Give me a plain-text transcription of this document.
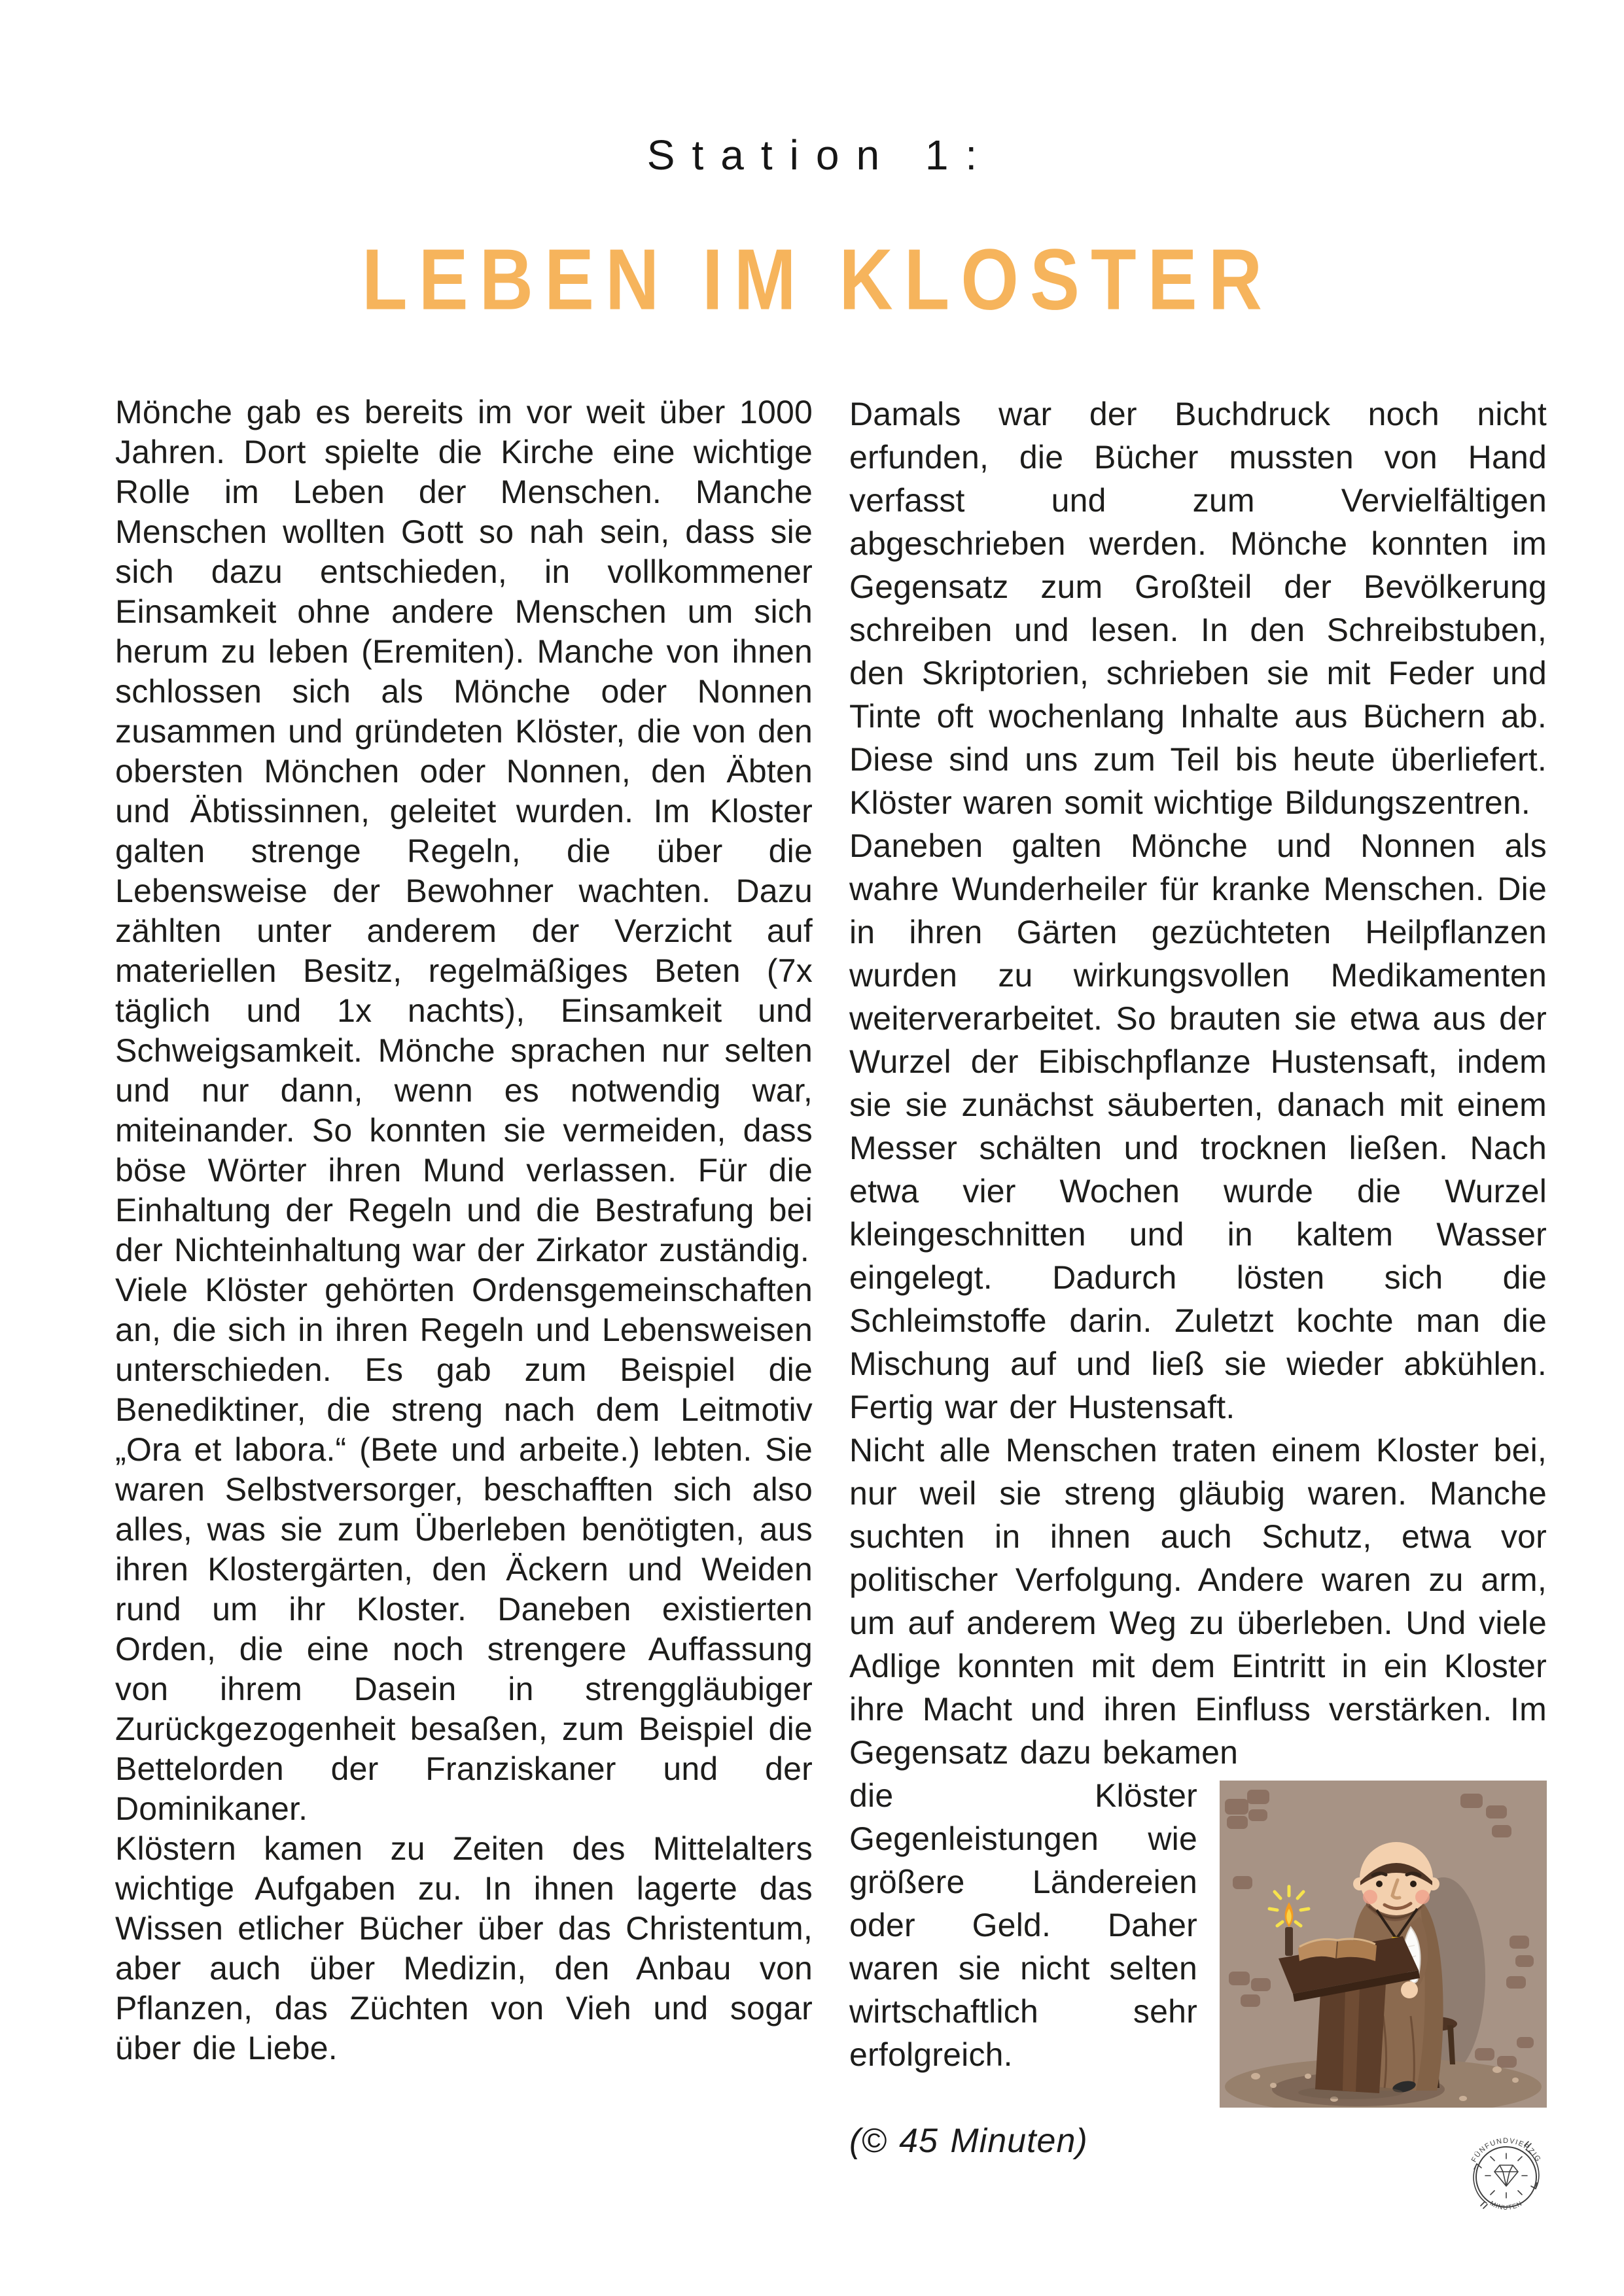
Station 1:
LEBEN IM KLOSTER

Mönche gab es bereits im vor weit über 1000 Jahren. Dort spielte die Kirche eine wichtige Rolle im Leben der Menschen. Manche Menschen wollten Gott so nah sein, dass sie sich dazu entschieden, in vollkommener Einsamkeit ohne andere Menschen um sich herum zu leben (Eremiten). Manche von ihnen schlossen sich als Mönche oder Nonnen zusammen und gründeten Klöster, die von den obersten Mönchen oder Nonnen, den Äbten und Äbtissinnen, geleitet wurden. Im Kloster galten strenge Regeln, die über die Lebensweise der Bewohner wachten. Dazu zählten unter anderem der Verzicht auf materiellen Besitz, regelmäßiges Beten (7x täglich und 1x nachts), Einsamkeit und Schweigsamkeit. Mönche sprachen nur selten und nur dann, wenn es notwendig war, miteinander. So konnten sie vermeiden, dass böse Wörter ihren Mund verlassen. Für die Einhaltung der Regeln und die Bestrafung bei der Nichteinhaltung war der Zirkator zuständig.

Viele Klöster gehörten Ordensgemeinschaften an, die sich in ihren Regeln und Lebensweisen unterschieden. Es gab zum Beispiel die Benediktiner, die streng nach dem Leitmotiv „Ora et labora.“ (Bete und arbeite.) lebten. Sie waren Selbstversorger, beschafften sich also alles, was sie zum Überleben benötigten, aus ihren Klostergärten, den Äckern und Weiden rund um ihr Kloster. Daneben existierten Orden, die eine noch strengere Auffassung von ihrem Dasein in strenggläubiger Zurückgezogenheit besaßen, zum Beispiel die Bettelorden der Franziskaner und der Dominikaner.

Klöstern kamen zu Zeiten des Mittelalters wichtige Aufgaben zu. In ihnen lagerte das Wissen etlicher Bücher über das Christentum, aber auch über Medizin, den Anbau von Pflanzen, das Züchten von Vieh und sogar über die Liebe.

Damals war der Buchdruck noch nicht erfunden, die Bücher mussten von Hand verfasst und zum Vervielfältigen abgeschrieben werden. Mönche konnten im Gegensatz zum Großteil der Bevölkerung schreiben und lesen. In den Schreibstuben, den Skriptorien, schrieben sie mit Feder und Tinte oft wochenlang Inhalte aus Büchern ab. Diese sind uns zum Teil bis heute überliefert. Klöster waren somit wichtige Bildungszentren.

Daneben galten Mönche und Nonnen als wahre Wunderheiler für kranke Menschen. Die in ihren Gärten gezüchteten Heilpflanzen wurden zu wirkungsvollen Medikamenten weiterverarbeitet. So brauten sie etwa aus der Wurzel der Eibischpflanze Hustensaft, indem sie sie zunächst säuberten, danach mit einem Messer schälten und trocknen ließen. Nach etwa vier Wochen wurde die Wurzel kleingeschnitten und in kaltem Wasser eingelegt. Dadurch lösten sich die Schleimstoffe darin. Zuletzt kochte man die Mischung auf und ließ sie wieder abkühlen. Fertig war der Hustensaft.

Nicht alle Menschen traten einem Kloster bei, nur weil sie streng gläubig waren. Manche suchten in ihnen auch Schutz, etwa vor politischer Verfolgung. Andere waren zu arm, um auf anderem Weg zu überleben. Und viele Adlige konnten mit dem Eintritt in ein Kloster ihre Macht und ihren Einfluss verstärken. Im Gegensatz dazu bekamen

die Klöster Gegenleistungen wie größere Ländereien oder Geld. Daher waren sie nicht selten wirtschaftlich sehr erfolgreich.

(© 45 Minuten)	FÜNFUNDVIERZIG
MINUTEN
